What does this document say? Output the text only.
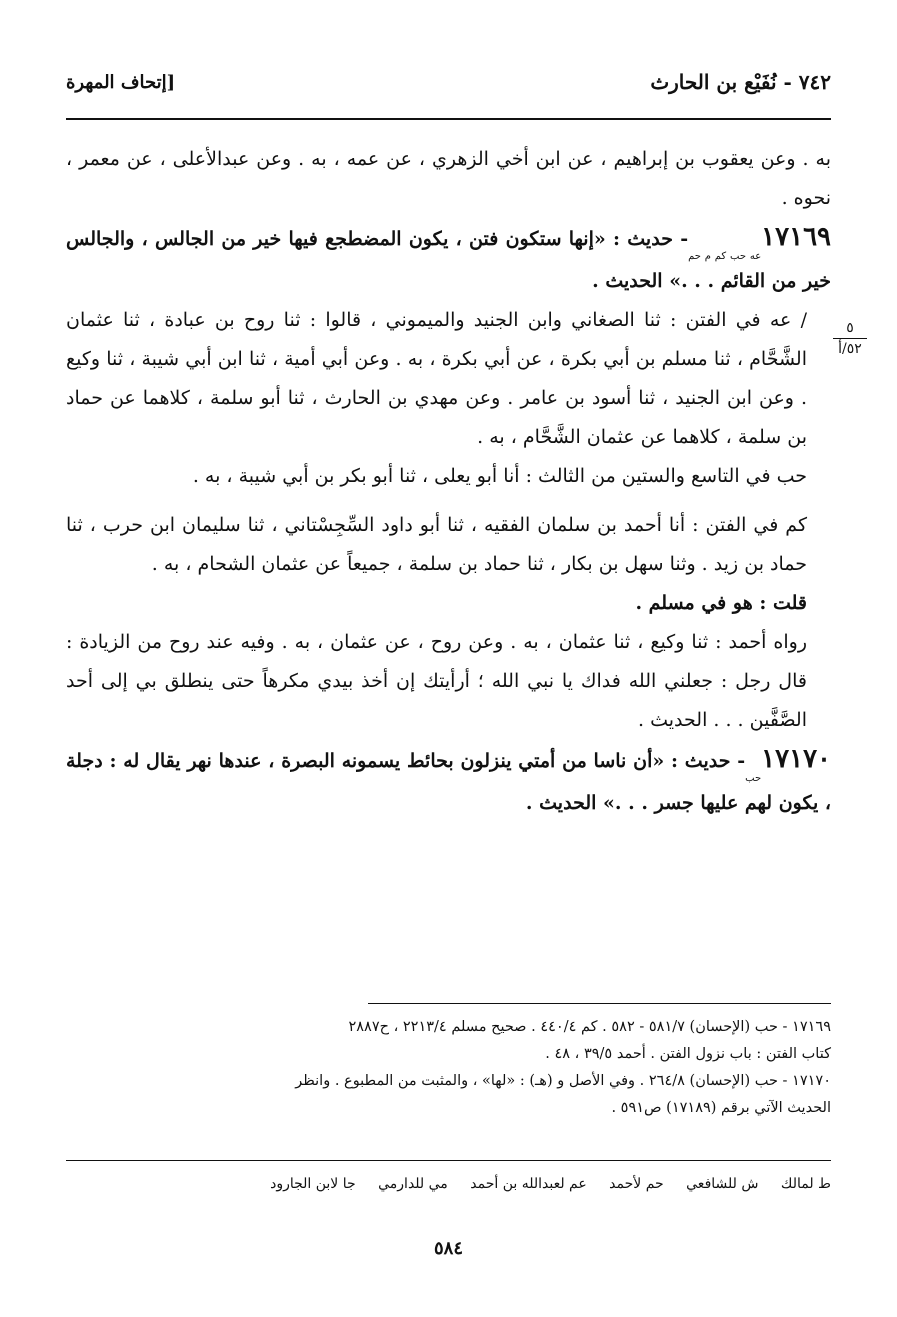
٧٤٢ - نُفَيْع بن الحارث
[إتحاف المهرة
٥
٥٢/أ

به . وعن يعقوب بن إبراهيم ، عن ابن أخي الزهري ، عن عمه ، به . وعن عبدالأعلى ، عن معمر ، نحوه .

$١٧١٦٩_{عه حب كم م حم}-$ حديث : «إنها ستكون فتن ، يكون المضطجع فيها خير من الجالس ، والجالس خير من القائم . . .» الحديث .

/ عه في الفتن : ثنا الصغاني وابن الجنيد والميموني ، قالوا : ثنا روح بن عبادة ، ثنا عثمان الشَّحَّام ، ثنا مسلم بن أبي بكرة ، عن أبي بكرة ، به . وعن أبي أمية ، ثنا ابن أبي شيبة ، ثنا وكيع . وعن ابن الجنيد ، ثنا أسود بن عامر . وعن مهدي بن الحارث ، ثنا أبو سلمة ، كلاهما عن حماد بن سلمة ، كلاهما عن عثمان الشَّحَّام ، به .

حب في التاسع والستين من الثالث : أنا أبو يعلى ، ثنا أبو بكر بن أبي شيبة ، به .

كم في الفتن : أنا أحمد بن سلمان الفقيه ، ثنا أبو داود السِّجِسْتاني ، ثنا سليمان ابن حرب ، ثنا حماد بن زيد . وثنا سهل بن بكار ، ثنا حماد بن سلمة ، جميعاً عن عثمان الشحام ، به .

قلت : هو في مسلم .

رواه أحمد : ثنا وكيع ، ثنا عثمان ، به . وعن روح ، عن عثمان ، به . وفيه عند روح من الزيادة : قال رجل : جعلني الله فداك يا نبي الله ؛ أرأيتك إن أخذ بيدي مكرهاً حتى ينطلق بي إلى أحد الصَّفَّين . . . الحديث .

$١٧١٧٠_{حب}-$ حديث : «أن ناسا من أمتي ينزلون بحائط يسمونه البصرة ، عندها نهر يقال له : دجلة ، يكون لهم عليها جسر . . .» الحديث .

١٧١٦٩ - حب (الإحسان) ٥٨١/٧ - ٥٨٢ . كم ٤٤٠/٤ . صحيح مسلم ٢٢١٣/٤ ، ح٢٨٨٧

كتاب الفتن : باب نزول الفتن . أحمد ٣٩/٥ ، ٤٨ .

١٧١٧٠ - حب (الإحسان) ٢٦٤/٨ . وفي الأصل و (هـ) : «لها» ، والمثبت من المطبوع . وانظر

الحديث الآتي برقم (١٧١٨٩) ص٥٩١ .

ط لمالك ش للشافعي حم لأحمد عم لعبدالله بن أحمد مي للدارمي جا لابن الجارود
٥٨٤
